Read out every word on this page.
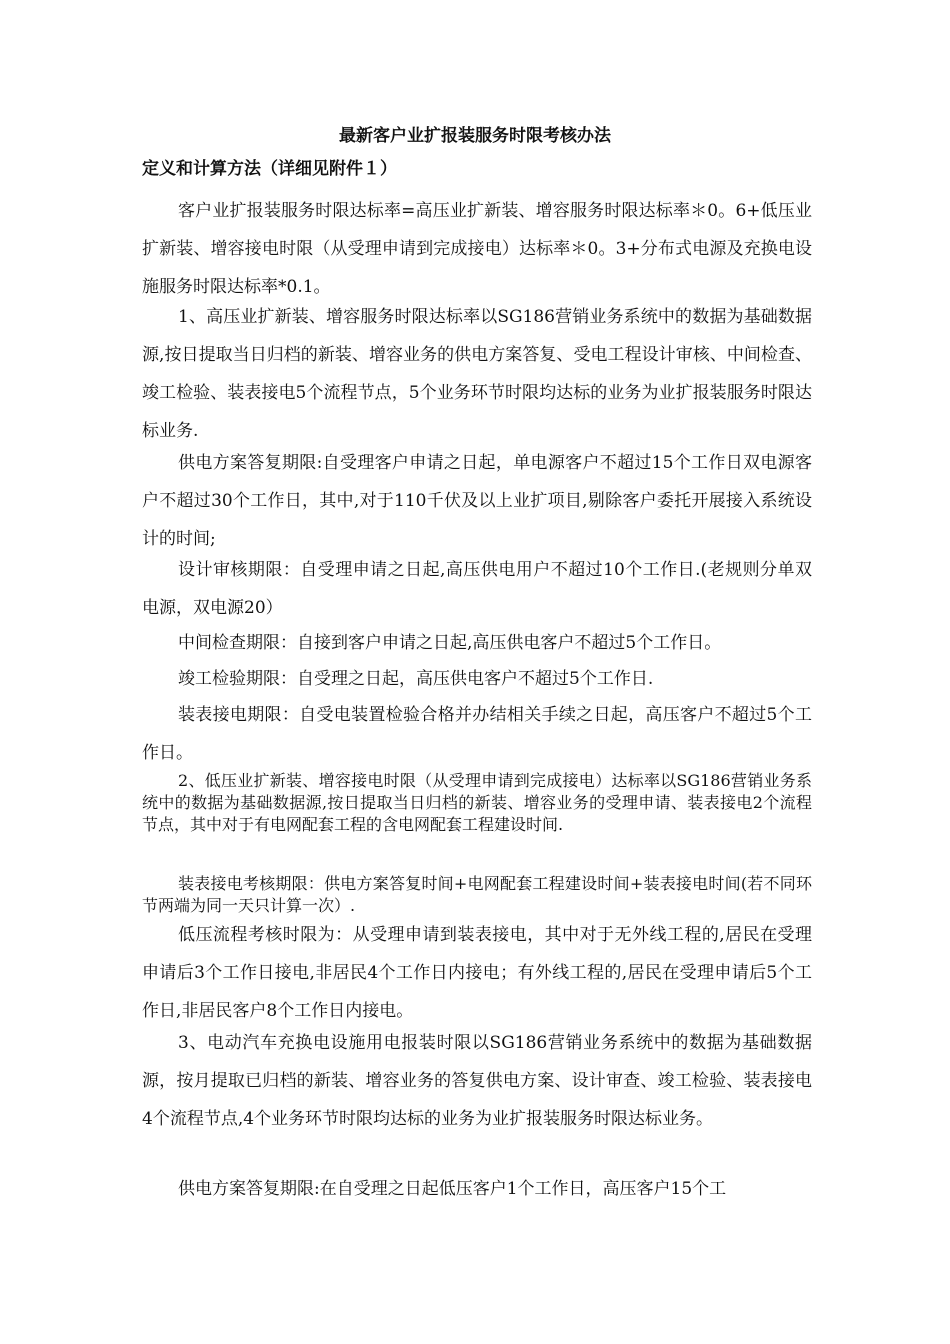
最新客户业扩报装服务时限考核办法
定义和计算方法（详细见附件１）

客户业扩报装服务时限达标率=高压业扩新装、增容服务时限达标率＊0。6+低压业扩新装、增容接电时限（从受理申请到完成接电）达标率＊0。3+分布式电源及充换电设施服务时限达标率*0.1。

1、高压业扩新装、增容服务时限达标率以SG186营销业务系统中的数据为基础数据源,按日提取当日归档的新装、增容业务的供电方案答复、受电工程设计审核、中间检查、竣工检验、装表接电5个流程节点，5个业务环节时限均达标的业务为业扩报装服务时限达标业务.

供电方案答复期限:自受理客户申请之日起，单电源客户不超过15个工作日双电源客户不超过30个工作日，其中,对于110千伏及以上业扩项目,剔除客户委托开展接入系统设计的时间;

设计审核期限：自受理申请之日起,高压供电用户不超过10个工作日.(老规则分单双电源，双电源20）

中间检查期限：自接到客户申请之日起,高压供电客户不超过5个工作日。

竣工检验期限：自受理之日起，高压供电客户不超过5个工作日.

装表接电期限：自受电装置检验合格并办结相关手续之日起，高压客户不超过5个工作日。

2、低压业扩新装、增容接电时限（从受理申请到完成接电）达标率以SG186营销业务系统中的数据为基础数据源,按日提取当日归档的新装、增容业务的受理申请、装表接电2个流程节点，其中对于有电网配套工程的含电网配套工程建设时间.

装表接电考核期限：供电方案答复时间+电网配套工程建设时间+装表接电时间(若不同环节两端为同一天只计算一次）.

低压流程考核时限为：从受理申请到装表接电，其中对于无外线工程的,居民在受理申请后3个工作日接电,非居民4个工作日内接电；有外线工程的,居民在受理申请后5个工作日,非居民客户8个工作日内接电。

3、电动汽车充换电设施用电报装时限以SG186营销业务系统中的数据为基础数据源，按月提取已归档的新装、增容业务的答复供电方案、设计审查、竣工检验、装表接电4个流程节点,4个业务环节时限均达标的业务为业扩报装服务时限达标业务。

供电方案答复期限:在自受理之日起低压客户1个工作日，高压客户15个工
